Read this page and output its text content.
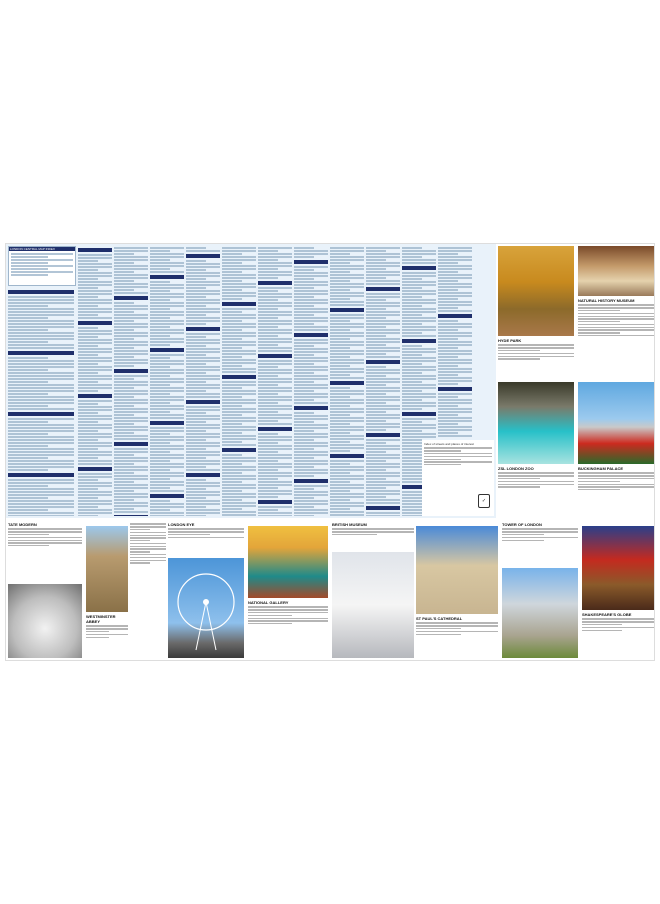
LONDON CENTRAL MAP INDEX
Index of streets and places of interest
✓
HYDE PARK
NATURAL HISTORY MUSEUM
ZSL LONDON ZOO	BUCKINGHAM PALACE
TATE MODERN
WESTMINSTER ABBEY
LONDON EYE
NATIONAL GALLERY
BRITISH MUSEUM
ST PAUL'S CATHEDRAL
TOWER OF LONDON
SHAKESPEARE'S GLOBE
